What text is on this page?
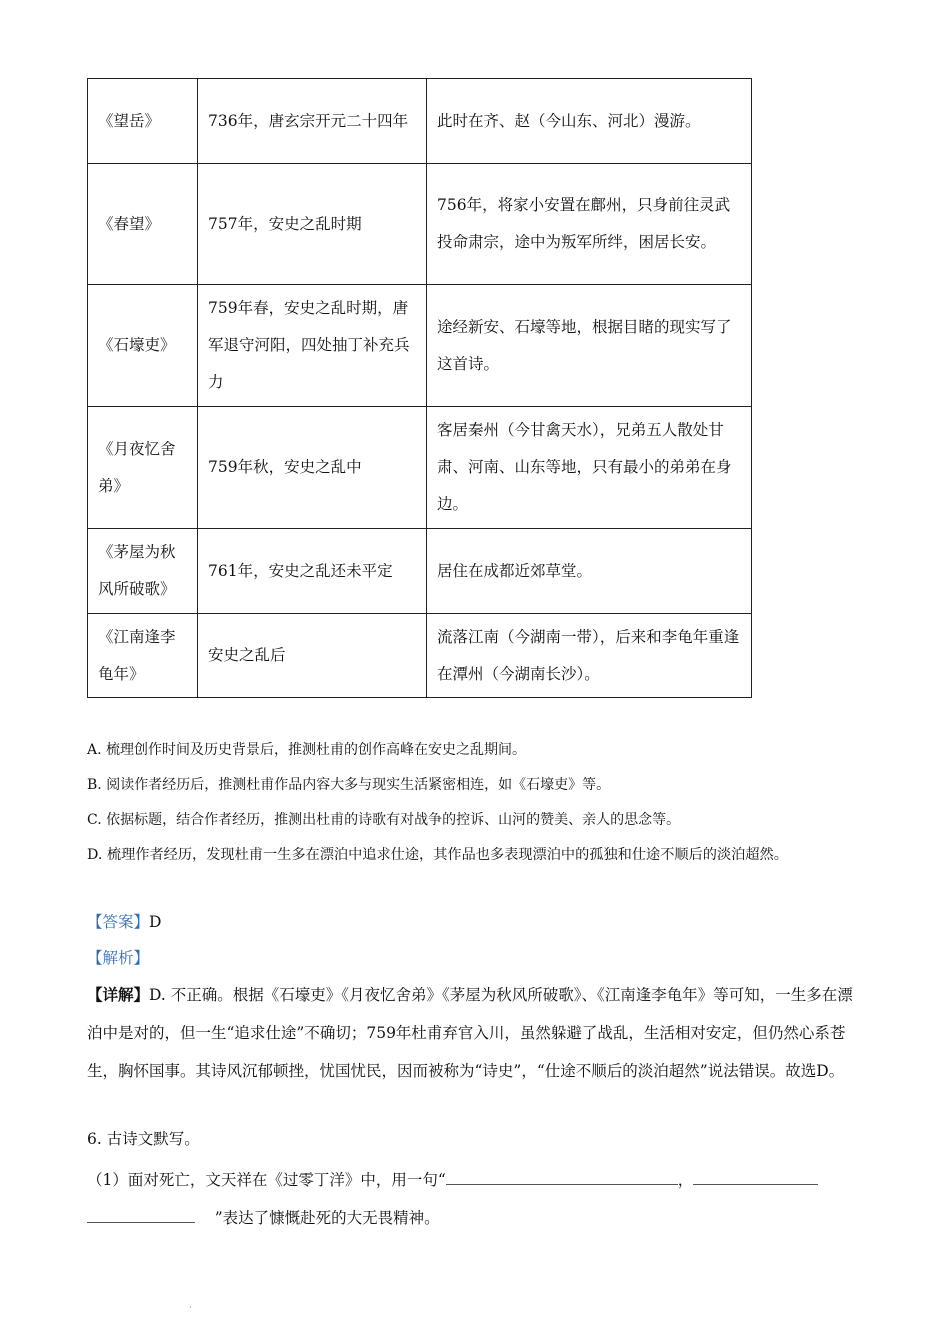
《望岳》	736年，唐玄宗开元二十四年	此时在齐、赵（今山东、河北）漫游。
《春望》	757年，安史之乱时期	756年，将家小安置在鄜州，只身前往灵武投命肃宗，途中为叛军所绊，困居长安。
《石壕吏》	759年春，安史之乱时期，唐军退守河阳，四处抽丁补充兵力	途经新安、石壕等地，根据目睹的现实写了这首诗。
《月夜忆舍弟》	759年秋，安史之乱中	客居秦州（今甘禽天水），兄弟五人散处甘肃、河南、山东等地，只有最小的弟弟在身边。
《茅屋为秋风所破歌》	761年，安史之乱还未平定	居住在成都近郊草堂。
《江南逢李龟年》	安史之乱后	流落江南（今湖南一带），后来和李龟年重逢在潭州（今湖南长沙）。
A. 梳理创作时间及历史背景后，推测杜甫的创作高峰在安史之乱期间。
B. 阅读作者经历后，推测杜甫作品内容大多与现实生活紧密相连，如《石壕吏》等。
C. 依据标题，结合作者经历，推测出杜甫的诗歌有对战争的控诉、山河的赞美、亲人的思念等。
D. 梳理作者经历，发现杜甫一生多在漂泊中追求仕途，其作品也多表现漂泊中的孤独和仕途不顺后的淡泊超然。
【答案】D
【解析】
【详解】D. 不正确。根据《石壕吏》《月夜忆舍弟》《茅屋为秋风所破歌》、《江南逢李龟年》等可知，一生多在漂泊中是对的，但一生“追求仕途”不确切；759年杜甫弃官入川，虽然躲避了战乱，生活相对安定，但仍然心系苍生，胸怀国事。其诗风沉郁顿挫，忧国忧民，因而被称为“诗史”，“仕途不顺后的淡泊超然”说法错误。故选D。
6. 古诗文默写。
（1）面对死亡，文天祥在《过零丁洋》中，用一句“	，
”表达了慷慨赴死的大无畏精神。
·
